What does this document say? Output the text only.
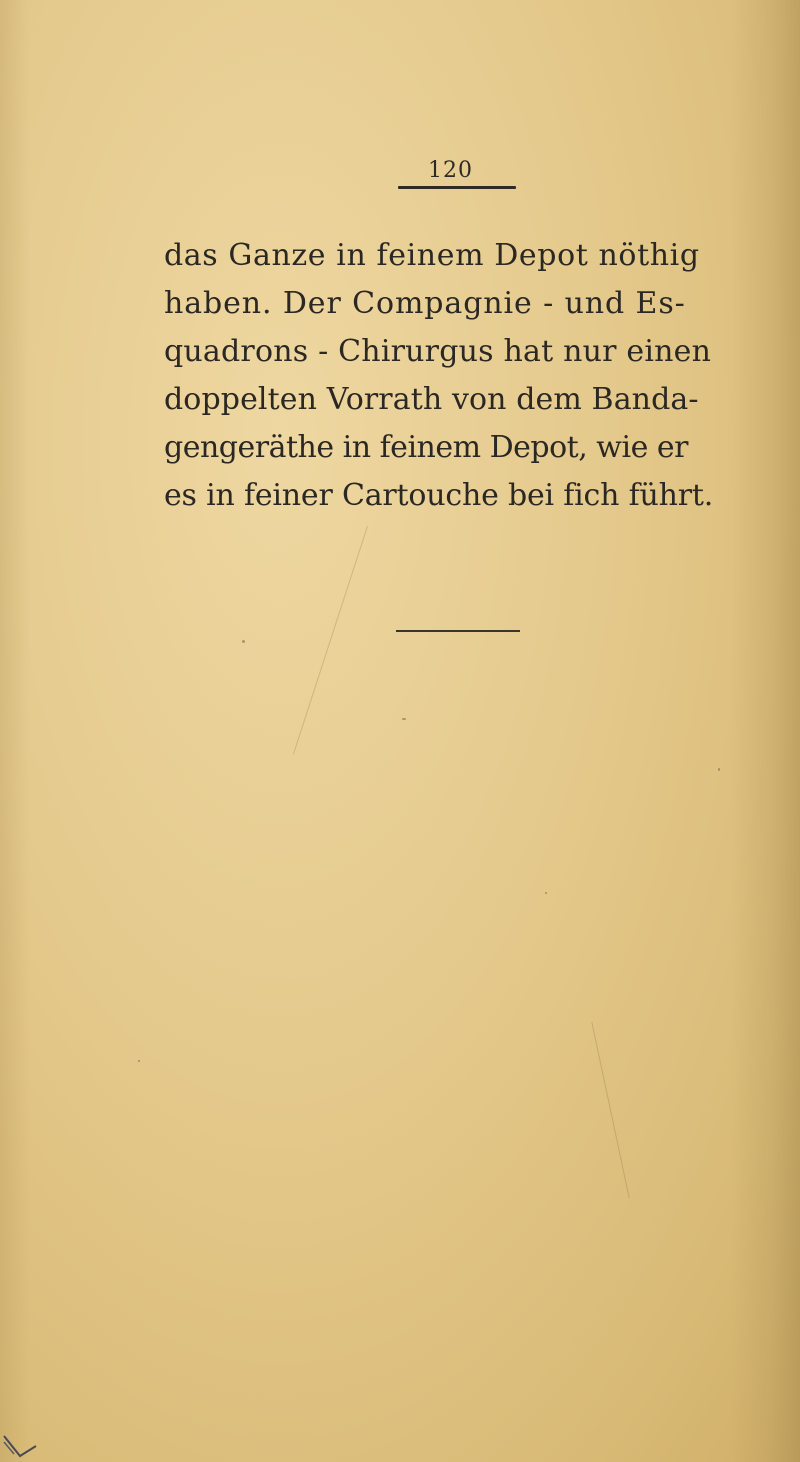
120
das Ganze in feinem Depot nöthig
haben. Der Compagnie - und Es-
quadrons - Chirurgus hat nur einen
doppelten Vorrath von dem Banda-
gengeräthe in feinem Depot, wie er
es in feiner Cartouche bei fich führt.
